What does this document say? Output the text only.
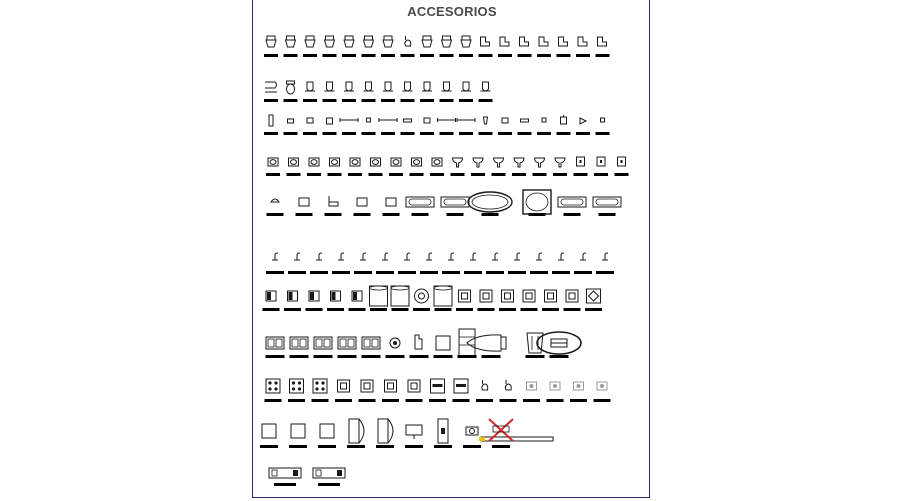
ACCESORIOS
